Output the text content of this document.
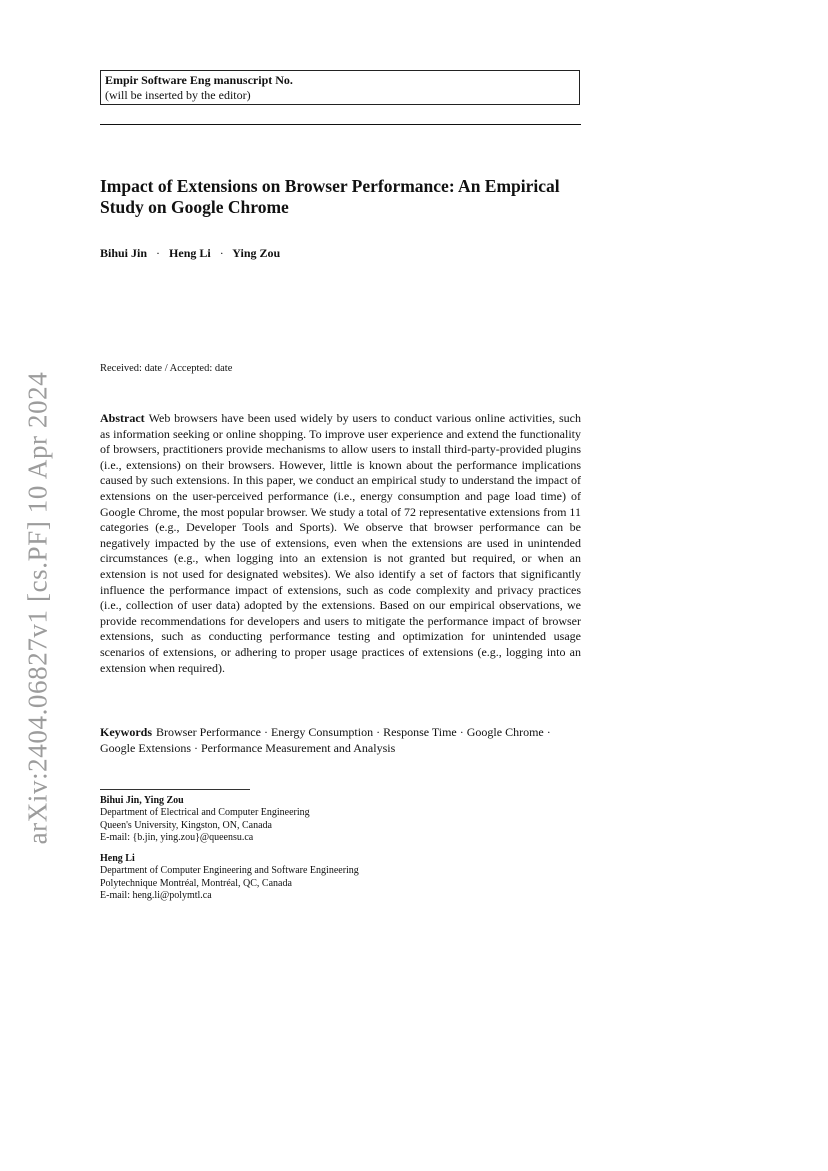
arXiv:2404.06827v1 [cs.PF] 10 Apr 2024
Empir Software Eng manuscript No.
(will be inserted by the editor)
Impact of Extensions on Browser Performance: An Empirical Study on Google Chrome
Bihui Jin · Heng Li · Ying Zou
Received: date / Accepted: date

Abstract Web browsers have been used widely by users to conduct various online activities, such as information seeking or online shopping. To improve user experience and extend the functionality of browsers, practitioners provide mechanisms to allow users to install third-party-provided plugins (i.e., extensions) on their browsers. However, little is known about the performance implications caused by such extensions. In this paper, we conduct an empirical study to understand the impact of extensions on the user-perceived performance (i.e., energy consumption and page load time) of Google Chrome, the most popular browser. We study a total of 72 representative extensions from 11 categories (e.g., Developer Tools and Sports). We observe that browser performance can be negatively impacted by the use of extensions, even when the extensions are used in unintended circumstances (e.g., when logging into an extension is not granted but required, or when an extension is not used for designated websites). We also identify a set of factors that significantly influence the performance impact of extensions, such as code complexity and privacy practices (i.e., collection of user data) adopted by the extensions. Based on our empirical observations, we provide recommendations for developers and users to mitigate the performance impact of browser extensions, such as conducting performance testing and optimization for unintended usage scenarios of extensions, or adhering to proper usage practices of extensions (e.g., logging into an extension when required).

Keywords Browser Performance · Energy Consumption · Response Time · Google Chrome · Google Extensions · Performance Measurement and Analysis

Bihui Jin, Ying Zou
Department of Electrical and Computer Engineering
Queen's University, Kingston, ON, Canada
E-mail: {b.jin, ying.zou}@queensu.ca
Heng Li
Department of Computer Engineering and Software Engineering
Polytechnique Montréal, Montréal, QC, Canada
E-mail: heng.li@polymtl.ca
